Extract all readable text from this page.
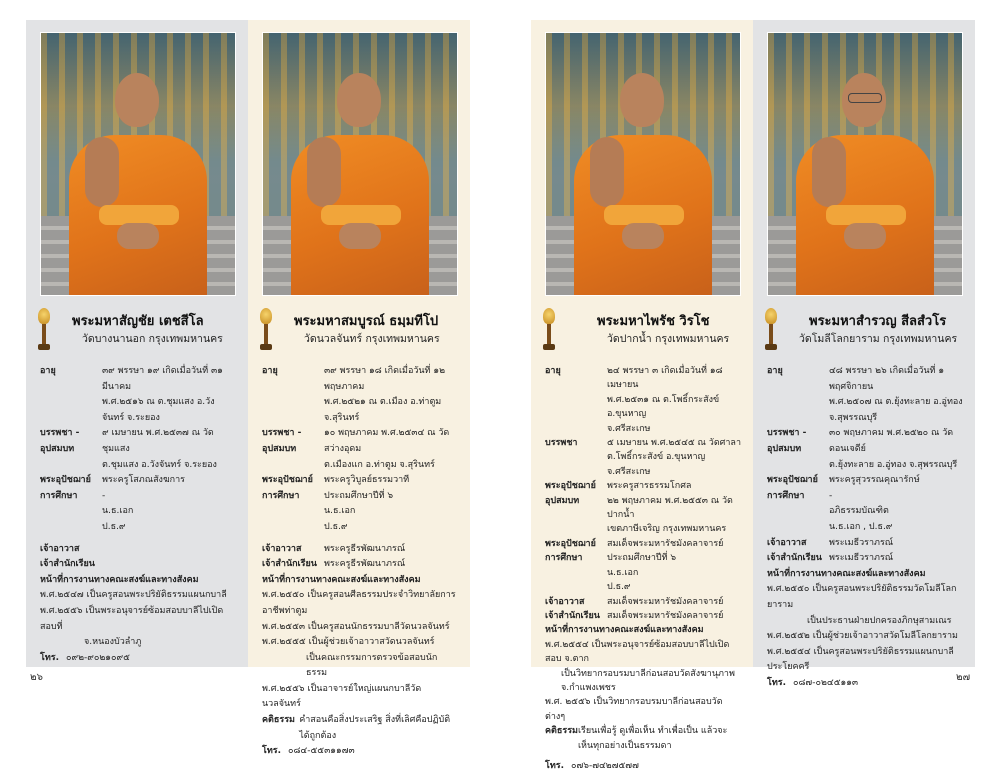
พระมหาสัญชัย เตชสีโล
วัดบางนานอก กรุงเทพมหานคร
อายุ	๓๙ พรรษา ๑๙ เกิดเมื่อวันที่ ๓๑ มีนาคม
พ.ศ.๒๕๑๖ ณ ต.ชุมแสง อ.วังจันทร์ จ.ระยอง
บรรพชา - อุปสมบท
๙ เมษายน พ.ศ.๒๕๓๗ ณ วัดชุมแสง
ต.ชุมแสง อ.วังจันทร์ จ.ระยอง
พระอุปัชฌาย์	พระครูโสภณสังฆการ
การศึกษา	-
น.ธ.เอก
ป.ธ.๙
เจ้าอาวาส
เจ้าสำนักเรียน
หน้าที่การงานทางคณะสงฆ์และทางสังคม
พ.ศ.๒๕๔๗ เป็นครูสอนพระปริยัติธรรมแผนกบาลี
พ.ศ.๒๕๕๖ เป็นพระอนุจารย์ซ้อมสอบบาลีไปเปิดสอบที่
จ.หนองบัวลำภู
โทร. ๐๙๒-๙๐๒๑๐๙๕
พระมหาสมบูรณ์ ธมฺมทีโป
วัดนวลจันทร์ กรุงเทพมหานคร
อายุ	๓๙ พรรษา ๑๘ เกิดเมื่อวันที่ ๑๒ พฤษภาคม
พ.ศ.๒๕๒๑ ณ ต.เมือง อ.ท่าตูม จ.สุรินทร์
บรรพชา - อุปสมบท
๑๐ พฤษภาคม พ.ศ.๒๕๓๔ ณ วัดสว่างอุดม
ต.เมืองแก อ.ท่าตูม จ.สุรินทร์
พระอุปัชฌาย์	พระครูวิบูลย์ธรรมวาที
การศึกษา	ประถมศึกษาปีที่ ๖
น.ธ.เอก
ป.ธ.๙
เจ้าอาวาส	พระครูธีรพัฒนาภรณ์
เจ้าสำนักเรียน พระครูธีรพัฒนาภรณ์
หน้าที่การงานทางคณะสงฆ์และทางสังคม
พ.ศ.๒๕๕๐ เป็นครูสอนศีลธรรมประจำวิทยาลัยการอาชีพท่าตูม
พ.ศ.๒๕๕๓ เป็นครูสอนนักธรรมบาลีวัดนวลจันทร์
พ.ศ.๒๕๕๕ เป็นผู้ช่วยเจ้าอาวาสวัดนวลจันทร์
เป็นคณะกรรมการตรวจข้อสอบนักธรรม
พ.ศ.๒๕๕๖ เป็นอาจารย์ใหญ่แผนกบาลีวัดนวลจันทร์
คติธรรม คำสอนคือสิ่งประเสริฐ สิ่งที่เลิศคือปฏิบัติได้ถูกต้อง
โทร. ๐๘๔-๕๕๓๑๑๗๓
พระมหาไพรัช วิรโช
วัดปากน้ำ กรุงเทพมหานคร
อายุ	๒๔ พรรษา ๓ เกิดเมื่อวันที่ ๑๘ เมษายน
พ.ศ.๒๕๓๑ ณ ต.โพธิ์กระสังข์ อ.ขุนหาญ
จ.ศรีสะเกษ
บรรพชา	๕ เมษายน พ.ศ.๒๕๔๕ ณ วัดศาลา
ต.โพธิ์กระสังข์ อ.ขุนหาญ จ.ศรีสะเกษ
พระอุปัชฌาย์	พระครูสารธรรมโกศล
อุปสมบท	๒๒ พฤษภาคม พ.ศ.๒๕๕๓ ณ วัดปากน้ำ
เขตภาษีเจริญ กรุงเทพมหานคร
พระอุปัชฌาย์	สมเด็จพระมหารัชมังคลาจารย์
การศึกษา	ประถมศึกษาปีที่ ๖
น.ธ.เอก
ป.ธ.๙
เจ้าอาวาส	สมเด็จพระมหารัชมังคลาจารย์
เจ้าสำนักเรียน สมเด็จพระมหารัชมังคลาจารย์
หน้าที่การงานทางคณะสงฆ์และทางสังคม
พ.ศ.๒๕๕๔ เป็นพระอนุจารย์ซ้อมสอบบาลีไปเปิดสอบ จ.ตาก
เป็นวิทยากรอบรมบาลีก่อนสอบวัดสังฆานุภาพ จ.กำแพงเพชร
พ.ศ. ๒๕๕๖ เป็นวิทยากรอบรมบาลีก่อนสอบวัดต่างๆ
คติธรรม เรียนเพื่อรู้ ดูเพื่อเห็น ทำเพื่อเป็น แล้วจะเห็นทุกอย่างเป็นธรรมดา
โทร. ๐๗๖-๗๔๒๗๕๗๗
พระมหาสำรวญ สีลสํวโร
วัดโมลีโลกยาราม กรุงเทพมหานคร
อายุ	๔๘ พรรษา ๒๖ เกิดเมื่อวันที่ ๑ พฤศจิกายน
พ.ศ.๒๕๐๗ ณ ต.ยุ้งทะลาย อ.อู่ทอง
จ.สุพรรณบุรี
บรรพชา - อุปสมบท
๓๐ พฤษภาคม พ.ศ.๒๕๒๐ ณ วัดดอนเจดีย์
ต.ยุ้งทะลาย อ.อู่ทอง จ.สุพรรณบุรี
พระอุปัชฌาย์	พระครูสุวรรณคุณารักษ์
การศึกษา	-
อภิธรรมบัณฑิต
น.ธ.เอก , ป.ธ.๙
เจ้าอาวาส	พระเมธีวราภรณ์
เจ้าสำนักเรียน พระเมธีวราภรณ์
หน้าที่การงานทางคณะสงฆ์และทางสังคม
พ.ศ.๒๕๕๐ เป็นครูสอนพระปริยัติธรรมวัดโมลีโลกยาราม
เป็นประธานฝ่ายปกครองภิกษุสามเณร
พ.ศ.๒๕๕๒ เป็นผู้ช่วยเจ้าอาวาสวัดโมลีโลกยาราม
พ.ศ.๒๕๕๔ เป็นครูสอนพระปริยัติธรรมแผนกบาลีประโยคครี
โทร. ๐๘๗-๐๒๔๕๑๑๓
๒๖	๒๗
